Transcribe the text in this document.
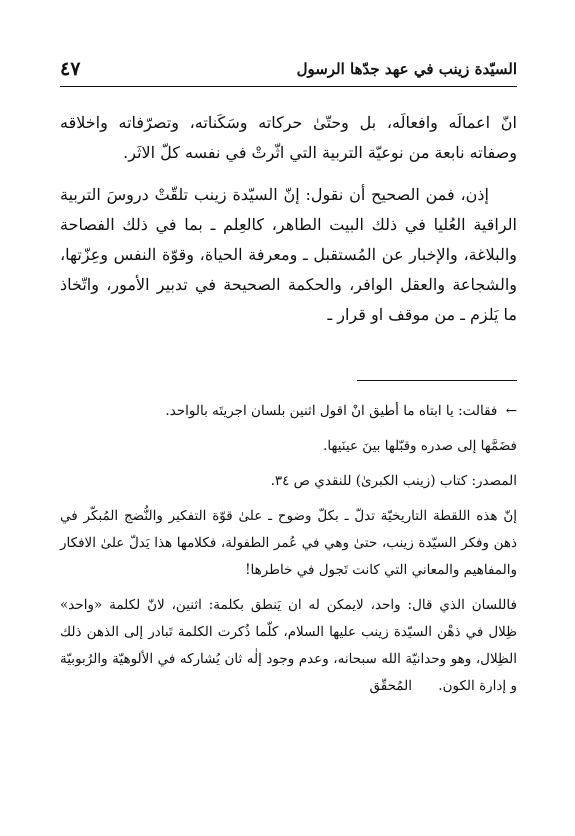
السيّدة زينب في عهد جدّها الرسول
٤٧

انّ اعمالَه وافعالَه، بل وحتّىٰ حركاته وسَكَناته، وتصرّفاته واخلاقه وصفاته نابعة من نوعيّة التربية التي اثّرتْ في نفسه كلّ الاثَر.

إذن، فمن الصحيح أن نقول: إنّ السيّدة زينب تلقّتْ دروسَ التربية الراقية العُليا في ذلك البيت الطاهر، كالعِلم ـ بما في ذلك الفصاحة والبلاغة، والإخبار عن المُستقبل ـ ومعرفة الحياة، وقوّة النفس وعِزّتها، والشجاعة والعقل الوافر، والحكمة الصحيحة في تدبير الأمور، واتّخاذ ما يَلزم ـ من موقف او قرار ـ

← فقالت: يا ابتاه ما أطيق انْ اقول اثنين بلسان اجريتَه بالواحد.

فضَمَّها إلى صدره وقبّلها بينَ عينَيها.

المصدر: كتاب (زينب الكبرىٰ) للنقدي ص ٣٤.

إنّ هذه اللقطة التاريخيّة تدلّ ـ بكلّ وضوح ـ علىٰ قوّة التفكير والنُّضج المُبكّر في ذهن وفكر السيّدة زينب، حتىٰ وهي في عُمر الطفولة، فكلامها هذا يَدلّ علىٰ الافكار والمفاهيم والمعاني التي كانت تَجول في خاطرها!

فاللسان الذي قال: واحد، لايمكن له ان يَنطق بكلمة: اثنين، لانّ لكلمة «واحد» ظِلال في ذهْن السيّدة زينب عليها السلام، كلّما ذُكرت الكلمة تَبادر إلى الذهن ذلك الظِلال، وهو وحدانيّة الله سبحانه، وعدم وجود إلٰه ثان يُشاركه في الألوهيّة والرُبوبيّة و إدارة الكون. المُحقّق
